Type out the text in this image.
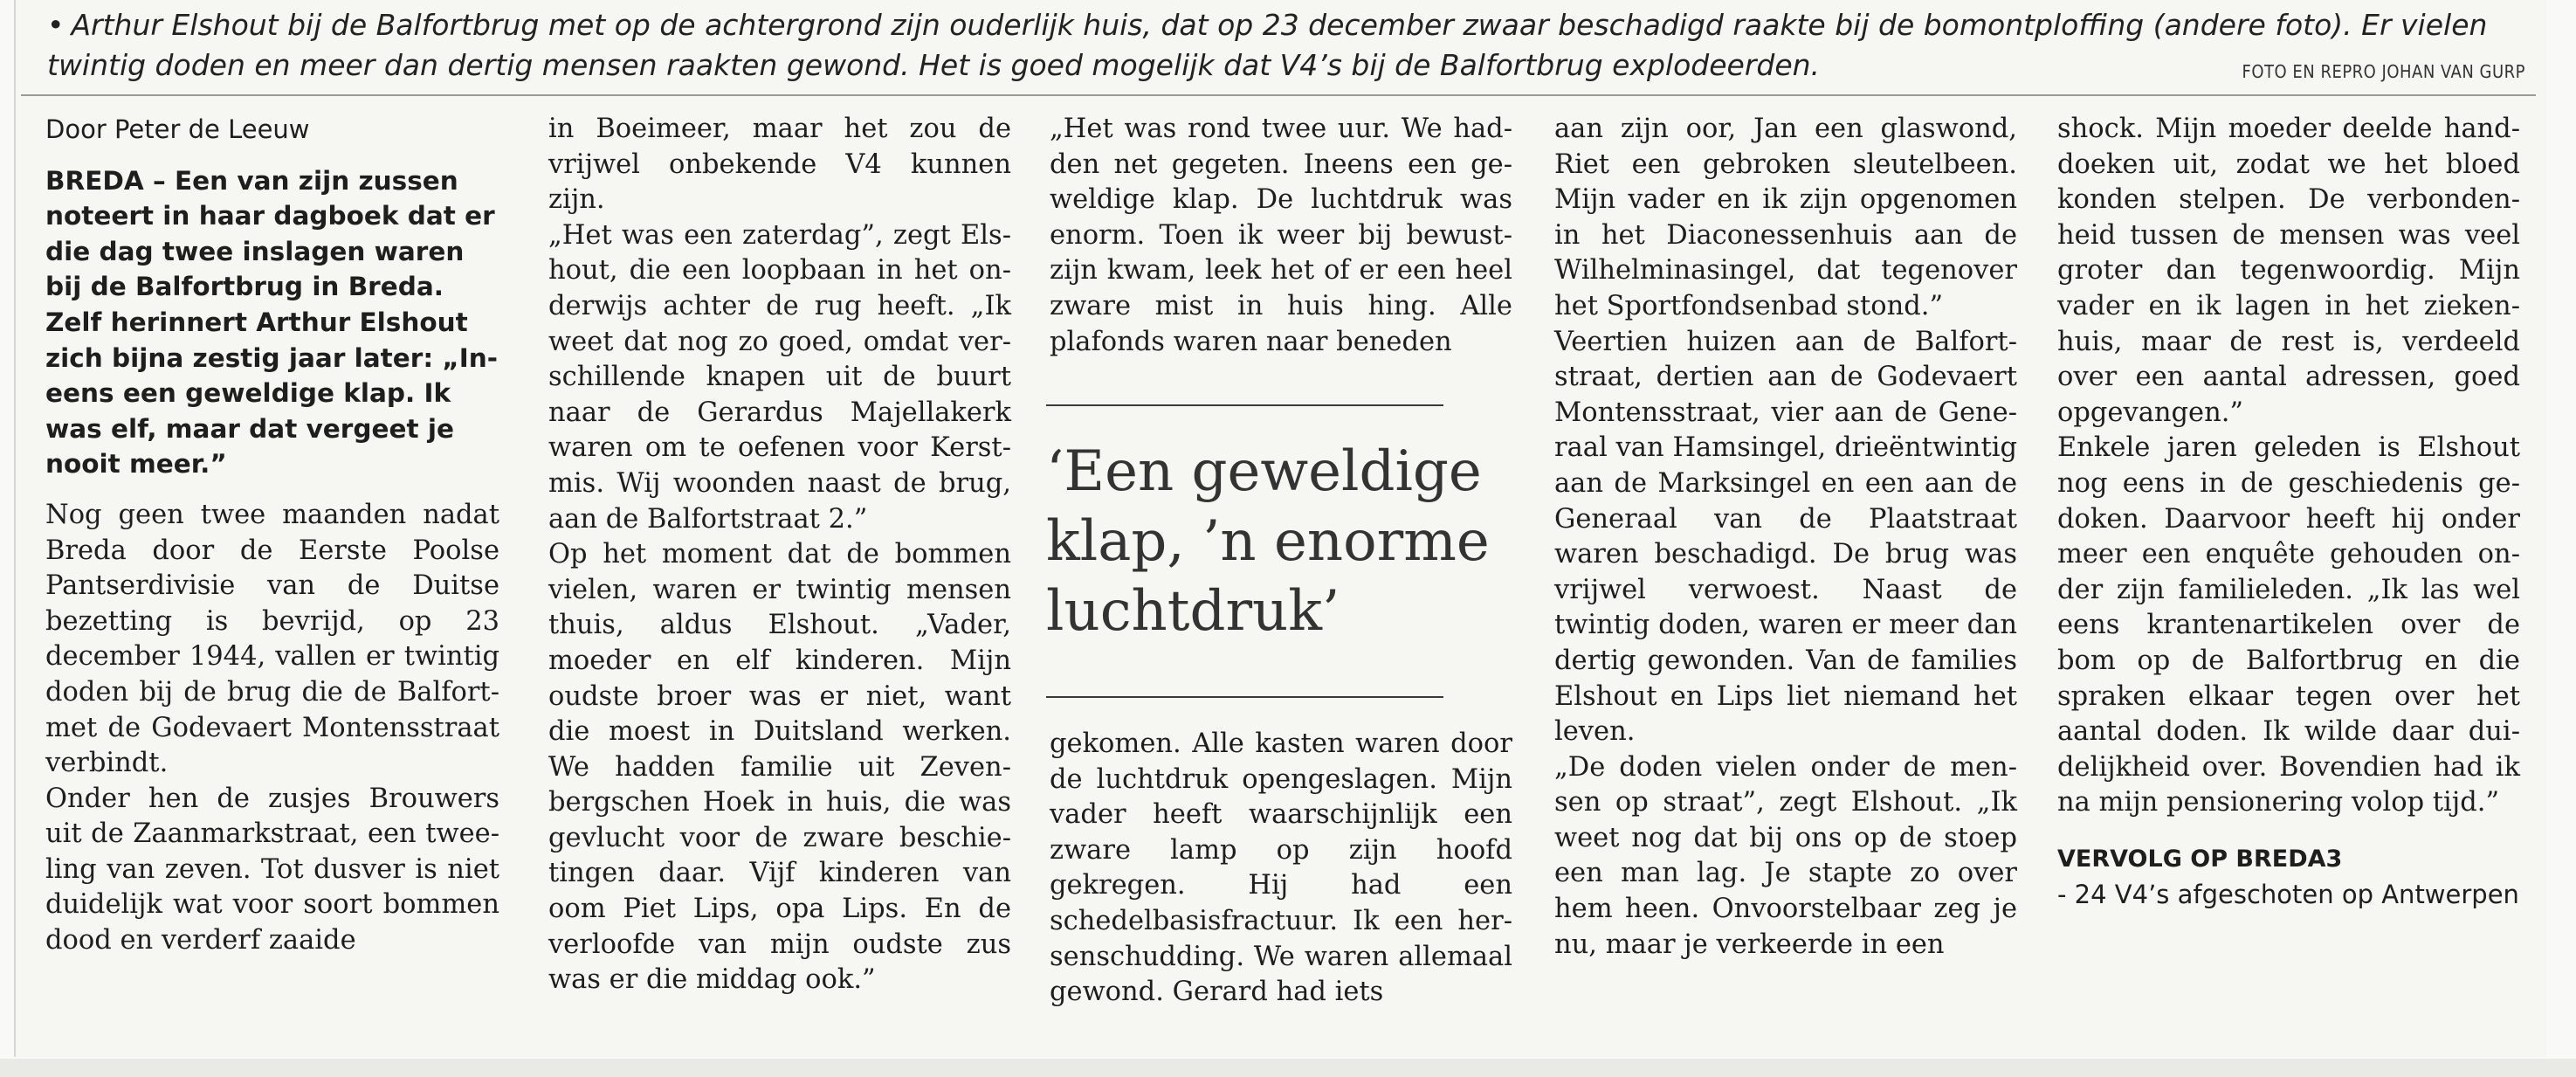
• Arthur Elshout bij de Balfortbrug met op de achtergrond zijn ouderlijk huis, dat op 23 december zwaar beschadigd raakte bij de bomontploffing (andere foto). Er vielen twintig doden en meer dan dertig mensen raakten gewond. Het is goed mogelijk dat V4’s bij de Balfortbrug explodeerden.	FOTO EN REPRO JOHAN VAN GURP

Door Peter de Leeuw

BREDA – Een van zijn zussen noteert in haar dagboek dat er die dag twee inslagen waren bij de Balfortbrug in Breda. Zelf herinnert Arthur Elshout zich bijna zestig jaar later: „Ineens een geweldige klap. Ik was elf, maar dat vergeet je nooit meer.”

Nog geen twee maanden nadat Breda door de Eerste Poolse Pantserdivisie van de Duitse bezetting is bevrijd, op 23 december 1944, vallen er twintig doden bij de brug die de Balfort- met de Godevaert Montensstraat verbindt.

Onder hen de zusjes Brouwers uit de Zaanmarkstraat, een tweeling van zeven. Tot dusver is niet duidelijk wat voor soort bommen dood en verderf zaaide

in Boeimeer, maar het zou de vrijwel onbekende V4 kunnen zijn.

„Het was een zaterdag”, zegt Elshout, die een loopbaan in het onderwijs achter de rug heeft. „Ik weet dat nog zo goed, omdat verschillende knapen uit de buurt naar de Gerardus Majellakerk waren om te oefenen voor Kerstmis. Wij woonden naast de brug, aan de Balfortstraat 2.”

Op het moment dat de bommen vielen, waren er twintig mensen thuis, aldus Elshout. „Vader, moeder en elf kinderen. Mijn oudste broer was er niet, want die moest in Duitsland werken. We hadden familie uit Zevenbergschen Hoek in huis, die was gevlucht voor de zware beschietingen daar. Vijf kinderen van oom Piet Lips, opa Lips. En de verloofde van mijn oudste zus was er die middag ook.”

„Het was rond twee uur. We hadden net gegeten. Ineens een geweldige klap. De luchtdruk was enorm. Toen ik weer bij bewustzijn kwam, leek het of er een heel zware mist in huis hing. Alle plafonds waren naar beneden

‘Een geweldige klap, ’n enorme luchtdruk’

gekomen. Alle kasten waren door de luchtdruk opengeslagen. Mijn vader heeft waarschijnlijk een zware lamp op zijn hoofd gekregen. Hij had een schedelbasisfractuur. Ik een hersenschudding. We waren allemaal gewond. Gerard had iets

aan zijn oor, Jan een glaswond, Riet een gebroken sleutelbeen. Mijn vader en ik zijn opgenomen in het Diaconessenhuis aan de Wilhelminasingel, dat tegenover het Sportfondsenbad stond.”

Veertien huizen aan de Balfortstraat, dertien aan de Godevaert Montensstraat, vier aan de Generaal van Hamsingel, drieëntwintig aan de Marksingel en een aan de Generaal van de Plaatstraat waren beschadigd. De brug was vrijwel verwoest. Naast de twintig doden, waren er meer dan dertig gewonden. Van de families Elshout en Lips liet niemand het leven.

„De doden vielen onder de mensen op straat”, zegt Elshout. „Ik weet nog dat bij ons op de stoep een man lag. Je stapte zo over hem heen. Onvoorstelbaar zeg je nu, maar je verkeerde in een

shock. Mijn moeder deelde handdoeken uit, zodat we het bloed konden stelpen. De verbondenheid tussen de mensen was veel groter dan tegenwoordig. Mijn vader en ik lagen in het ziekenhuis, maar de rest is, verdeeld over een aantal adressen, goed opgevangen.”

Enkele jaren geleden is Elshout nog eens in de geschiedenis gedoken. Daarvoor heeft hij onder meer een enquête gehouden onder zijn familieleden. „Ik las wel eens krantenartikelen over de bom op de Balfortbrug en die spraken elkaar tegen over het aantal doden. Ik wilde daar duidelijkheid over. Bovendien had ik na mijn pensionering volop tijd.”

VERVOLG OP BREDA3

- 24 V4’s afgeschoten op Antwerpen
